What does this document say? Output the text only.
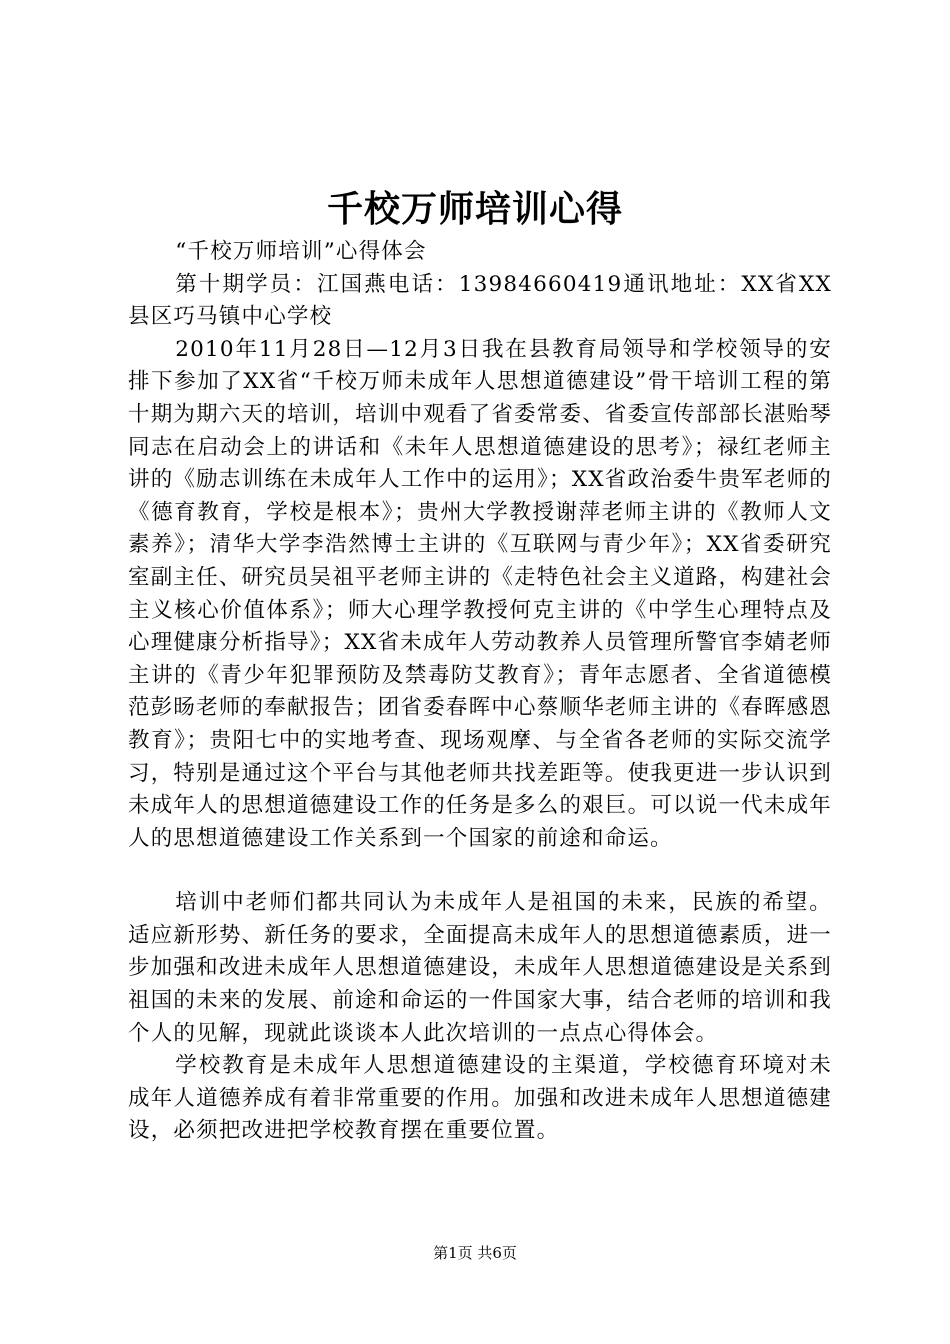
千校万师培训心得

“千校万师培训”心得体会

第十期学员：江国燕电话：13984660419通讯地址：XX省XX县区巧马镇中心学校

2010年11月28日—12月3日我在县教育局领导和学校领导的安排下参加了XX省“千校万师未成年人思想道德建设”骨干培训工程的第十期为期六天的培训，培训中观看了省委常委、省委宣传部部长湛贻琴同志在启动会上的讲话和《未年人思想道德建设的思考》；禄红老师主讲的《励志训练在未成年人工作中的运用》；XX省政治委牛贵军老师的《德育教育，学校是根本》；贵州大学教授谢萍老师主讲的《教师人文素养》；清华大学李浩然博士主讲的《互联网与青少年》；XX省委研究室副主任、研究员吴祖平老师主讲的《走特色社会主义道路，构建社会主义核心价值体系》；师大心理学教授何克主讲的《中学生心理特点及心理健康分析指导》；XX省未成年人劳动教养人员管理所警官李婧老师主讲的《青少年犯罪预防及禁毒防艾教育》；青年志愿者、全省道德模范彭旸老师的奉献报告；团省委春晖中心蔡顺华老师主讲的《春晖感恩教育》；贵阳七中的实地考查、现场观摩、与全省各老师的实际交流学习，特别是通过这个平台与其他老师共找差距等。使我更进一步认识到未成年人的思想道德建设工作的任务是多么的艰巨。可以说一代未成年人的思想道德建设工作关系到一个国家的前途和命运。

培训中老师们都共同认为未成年人是祖国的未来，民族的希望。适应新形势、新任务的要求，全面提高未成年人的思想道德素质，进一步加强和改进未成年人思想道德建设，未成年人思想道德建设是关系到祖国的未来的发展、前途和命运的一件国家大事，结合老师的培训和我个人的见解，现就此谈谈本人此次培训的一点点心得体会。

学校教育是未成年人思想道德建设的主渠道，学校德育环境对未成年人道德养成有着非常重要的作用。加强和改进未成年人思想道德建设，必须把改进把学校教育摆在重要位置。

第1页 共6页
